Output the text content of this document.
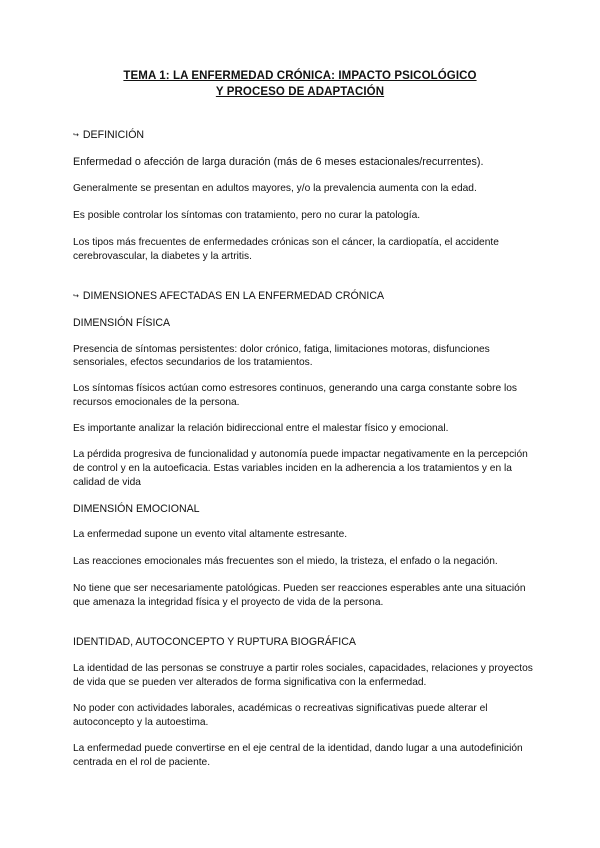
TEMA 1: LA ENFERMEDAD CRÓNICA: IMPACTO PSICOLÓGICO
Y PROCESO DE ADAPTACIÓN
↪ DEFINICIÓN
Enfermedad o afección de larga duración (más de 6 meses estacionales/recurrentes).
Generalmente se presentan en adultos mayores, y/o la prevalencia aumenta con la edad.
Es posible controlar los síntomas con tratamiento, pero no curar la patología.
Los tipos más frecuentes de enfermedades crónicas son el cáncer, la cardiopatía, el accidente
cerebrovascular, la diabetes y la artritis.
↪ DIMENSIONES AFECTADAS EN LA ENFERMEDAD CRÓNICA
DIMENSIÓN FÍSICA
Presencia de síntomas persistentes: dolor crónico, fatiga, limitaciones motoras, disfunciones
sensoriales, efectos secundarios de los tratamientos.
Los síntomas físicos actúan como estresores continuos, generando una carga constante sobre los
recursos emocionales de la persona.
Es importante analizar la relación bidireccional entre el malestar físico y emocional.
La pérdida progresiva de funcionalidad y autonomía puede impactar negativamente en la percepción
de control y en la autoeficacia. Estas variables inciden en la adherencia a los tratamientos y en la
calidad de vida
DIMENSIÓN EMOCIONAL
La enfermedad supone un evento vital altamente estresante.
Las reacciones emocionales más frecuentes son el miedo, la tristeza, el enfado o la negación.
No tiene que ser necesariamente patológicas. Pueden ser reacciones esperables ante una situación
que amenaza la integridad física y el proyecto de vida de la persona.
IDENTIDAD, AUTOCONCEPTO Y RUPTURA BIOGRÁFICA
La identidad de las personas se construye a partir roles sociales, capacidades, relaciones y proyectos
de vida que se pueden ver alterados de forma significativa con la enfermedad.
No poder con actividades laborales, académicas o recreativas significativas puede alterar el
autoconcepto y la autoestima.
La enfermedad puede convertirse en el eje central de la identidad, dando lugar a una autodefinición
centrada en el rol de paciente.
